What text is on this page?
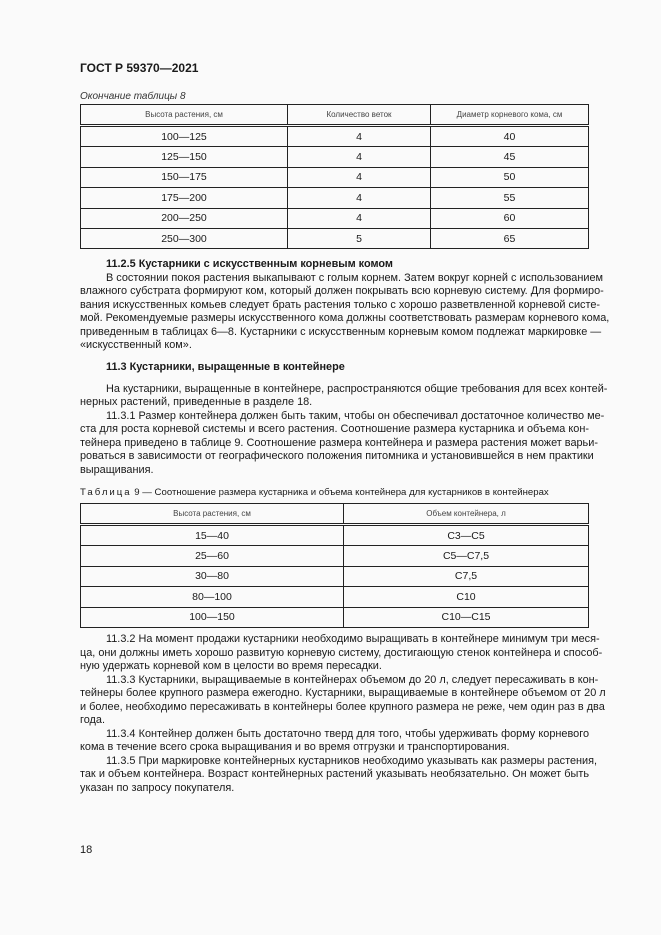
ГОСТ Р 59370—2021
Окончание таблицы 8
Высота растения, см	Количество веток	Диаметр корневого кома, см
100—125	4	40
125—150	4	45
150—175	4	50
175—200	4	55
200—250	4	60
250—300	5	65
11.2.5 Кустарники с искусственным корневым комом
В состоянии покоя растения выкапывают с голым корнем. Затем вокруг корней с использованием
влажного субстрата формируют ком, который должен покрывать всю корневую систему. Для формиро-
вания искусственных комьев следует брать растения только с хорошо разветвленной корневой систе-
мой. Рекомендуемые размеры искусственного кома должны соответствовать размерам корневого кома,
приведенным в таблицах 6—8. Кустарники с искусственным корневым комом подлежат маркировке —
«искусственный ком».
11.3 Кустарники, выращенные в контейнере
На кустарники, выращенные в контейнере, распространяются общие требования для всех контей-
нерных растений, приведенные в разделе 18.
11.3.1 Размер контейнера должен быть таким, чтобы он обеспечивал достаточное количество ме-
ста для роста корневой системы и всего растения. Соотношение размера кустарника и объема кон-
тейнера приведено в таблице 9. Соотношение размера контейнера и размера растения может варьи-
роваться в зависимости от географического положения питомника и установившейся в нем практики
выращивания.
Таблица 9 — Соотношение размера кустарника и объема контейнера для кустарников в контейнерах
Высота растения, см	Объем контейнера, л
15—40	С3—С5
25—60	С5—С7,5
30—80	С7,5
80—100	С10
100—150	С10—С15
11.3.2 На момент продажи кустарники необходимо выращивать в контейнере минимум три меся-
ца, они должны иметь хорошо развитую корневую систему, достигающую стенок контейнера и способ-
ную удержать корневой ком в целости во время пересадки.
11.3.3 Кустарники, выращиваемые в контейнерах объемом до 20 л, следует пересаживать в кон-
тейнеры более крупного размера ежегодно. Кустарники, выращиваемые в контейнере объемом от 20 л
и более, необходимо пересаживать в контейнеры более крупного размера не реже, чем один раз в два
года.
11.3.4 Контейнер должен быть достаточно тверд для того, чтобы удерживать форму корневого
кома в течение всего срока выращивания и во время отгрузки и транспортирования.
11.3.5 При маркировке контейнерных кустарников необходимо указывать как размеры растения,
так и объем контейнера. Возраст контейнерных растений указывать необязательно. Он может быть
указан по запросу покупателя.
18
